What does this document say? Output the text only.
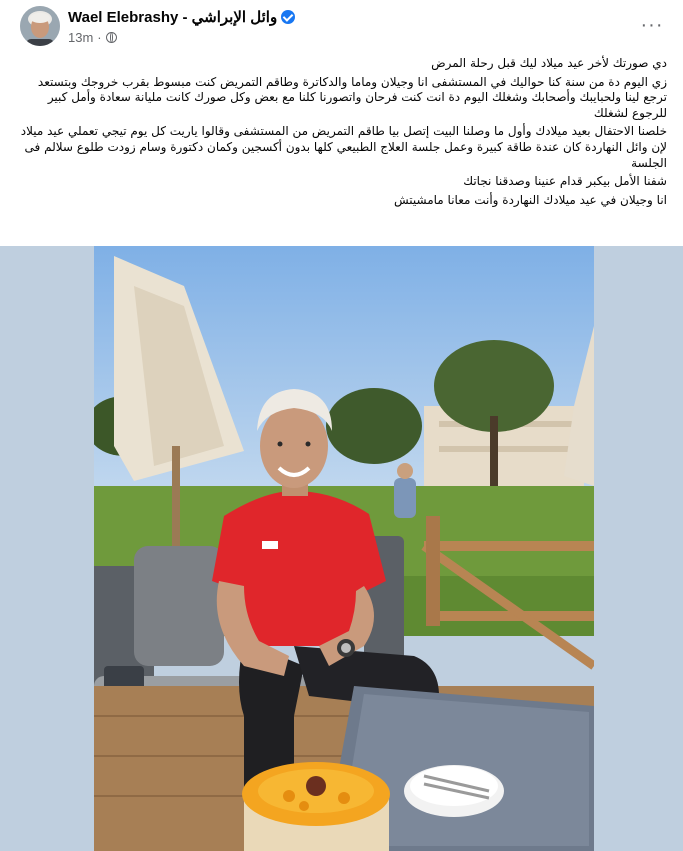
Wael Elebrashy - وائل الإبراشي
13m ·
···

دي صورتك لأخر عيد ميلاد ليك قبل رحلة المرض

زي اليوم دة من سنة كنا حواليك في المستشفى انا وجيلان وماما والدكاترة وطاقم التمريض كنت مبسوط بقرب خروجك وبتستعد ترجع لينا ولحبايبك وأصحابك وشغلك اليوم دة انت كنت فرحان واتصورنا كلنا مع بعض وكل صورك كانت مليانة سعادة وأمل كبير للرجوع لشغلك

خلصنا الاحتفال بعيد ميلادك وأول ما وصلنا البيت إتصل بيا طاقم التمريض من المستشفى وقالوا ياريت كل يوم تيجي تعملي عيد ميلاد لإن وائل النهاردة كان عندة طاقة كبيرة وعمل جلسة العلاج الطبيعي كلها بدون أكسجين وكمان دكتورة وسام زودت طلوع سلالم فى الجلسة

شفنا الأمل بيكبر قدام عنينا وصدقنا نجاتك

انا وجيلان في عيد ميلادك النهاردة وأنت معانا مامشيتش
